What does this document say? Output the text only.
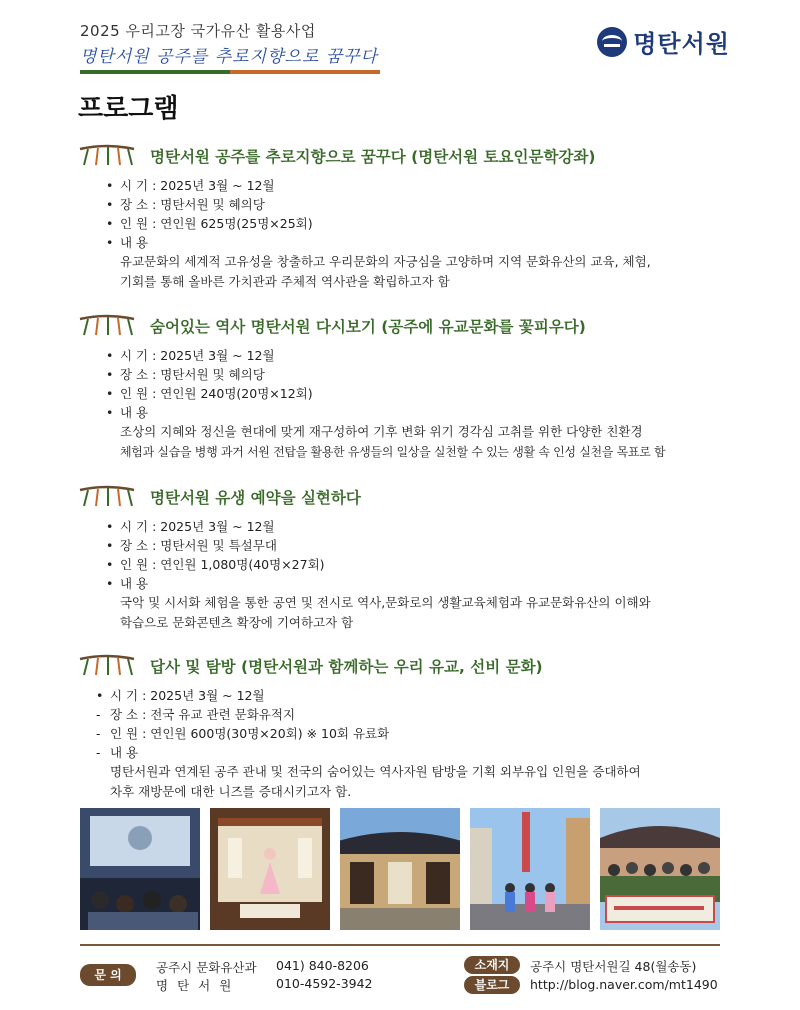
2025 우리고장 국가유산 활용사업
명탄서원 공주를 추로지향으로 꿈꾸다	명탄서원
프로그램
명탄서원 공주를 추로지향으로 꿈꾸다 (명탄서원 토요인문학강좌)
• 시 기 : 2025년 3월 ~ 12월
• 장 소 : 명탄서원 및 혜의당
• 인 원 : 연인원 625명(25명×25회)
• 내 용
유교문화의 세계적 고유성을 창출하고 우리문화의 자긍심을 고양하며 지역 문화유산의 교육, 체험,
기회를 통해 올바른 가치관과 주체적 역사관을 확립하고자 함
숨어있는 역사 명탄서원 다시보기 (공주에 유교문화를 꽃피우다)
• 시 기 : 2025년 3월 ~ 12월
• 장 소 : 명탄서원 및 혜의당
• 인 원 : 연인원 240명(20명×12회)
• 내 용
조상의 지혜와 정신을 현대에 맞게 재구성하여 기후 변화 위기 경각심 고취를 위한 다양한 친환경
체험과 실습을 병행 과거 서원 전탑을 활용한 유생들의 일상을 실천할 수 있는 생활 속 인성 실천을 목표로 함
명탄서원 유생 예약을 실현하다
• 시 기 : 2025년 3월 ~ 12월
• 장 소 : 명탄서원 및 특설무대
• 인 원 : 연인원 1,080명(40명×27회)
• 내 용
국악 및 시서화 체험을 통한 공연 및 전시로 역사,문화로의 생활교육체험과 유교문화유산의 이해와
학습으로 문화콘텐츠 확장에 기여하고자 함
답사 및 탐방 (명탄서원과 함께하는 우리 유교, 선비 문화)
• 시 기 : 2025년 3월 ~ 12월
- 장 소 : 전국 유교 관련 문화유적지
- 인 원 : 연인원 600명(30명×20회) ※ 10회 유료화
- 내 용
명탄서원과 연계된 공주 관내 및 전국의 숨어있는 역사자원 탐방을 기획 외부유입 인원을 증대하여
차후 재방문에 대한 니즈를 증대시키고자 함.
문 의	공주시 문화유산과 041) 840-8206
명탄서원	010-4592-3942
소재지	공주시 명탄서원길 48(월송동)
블로그	http://blog.naver.com/mt1490
